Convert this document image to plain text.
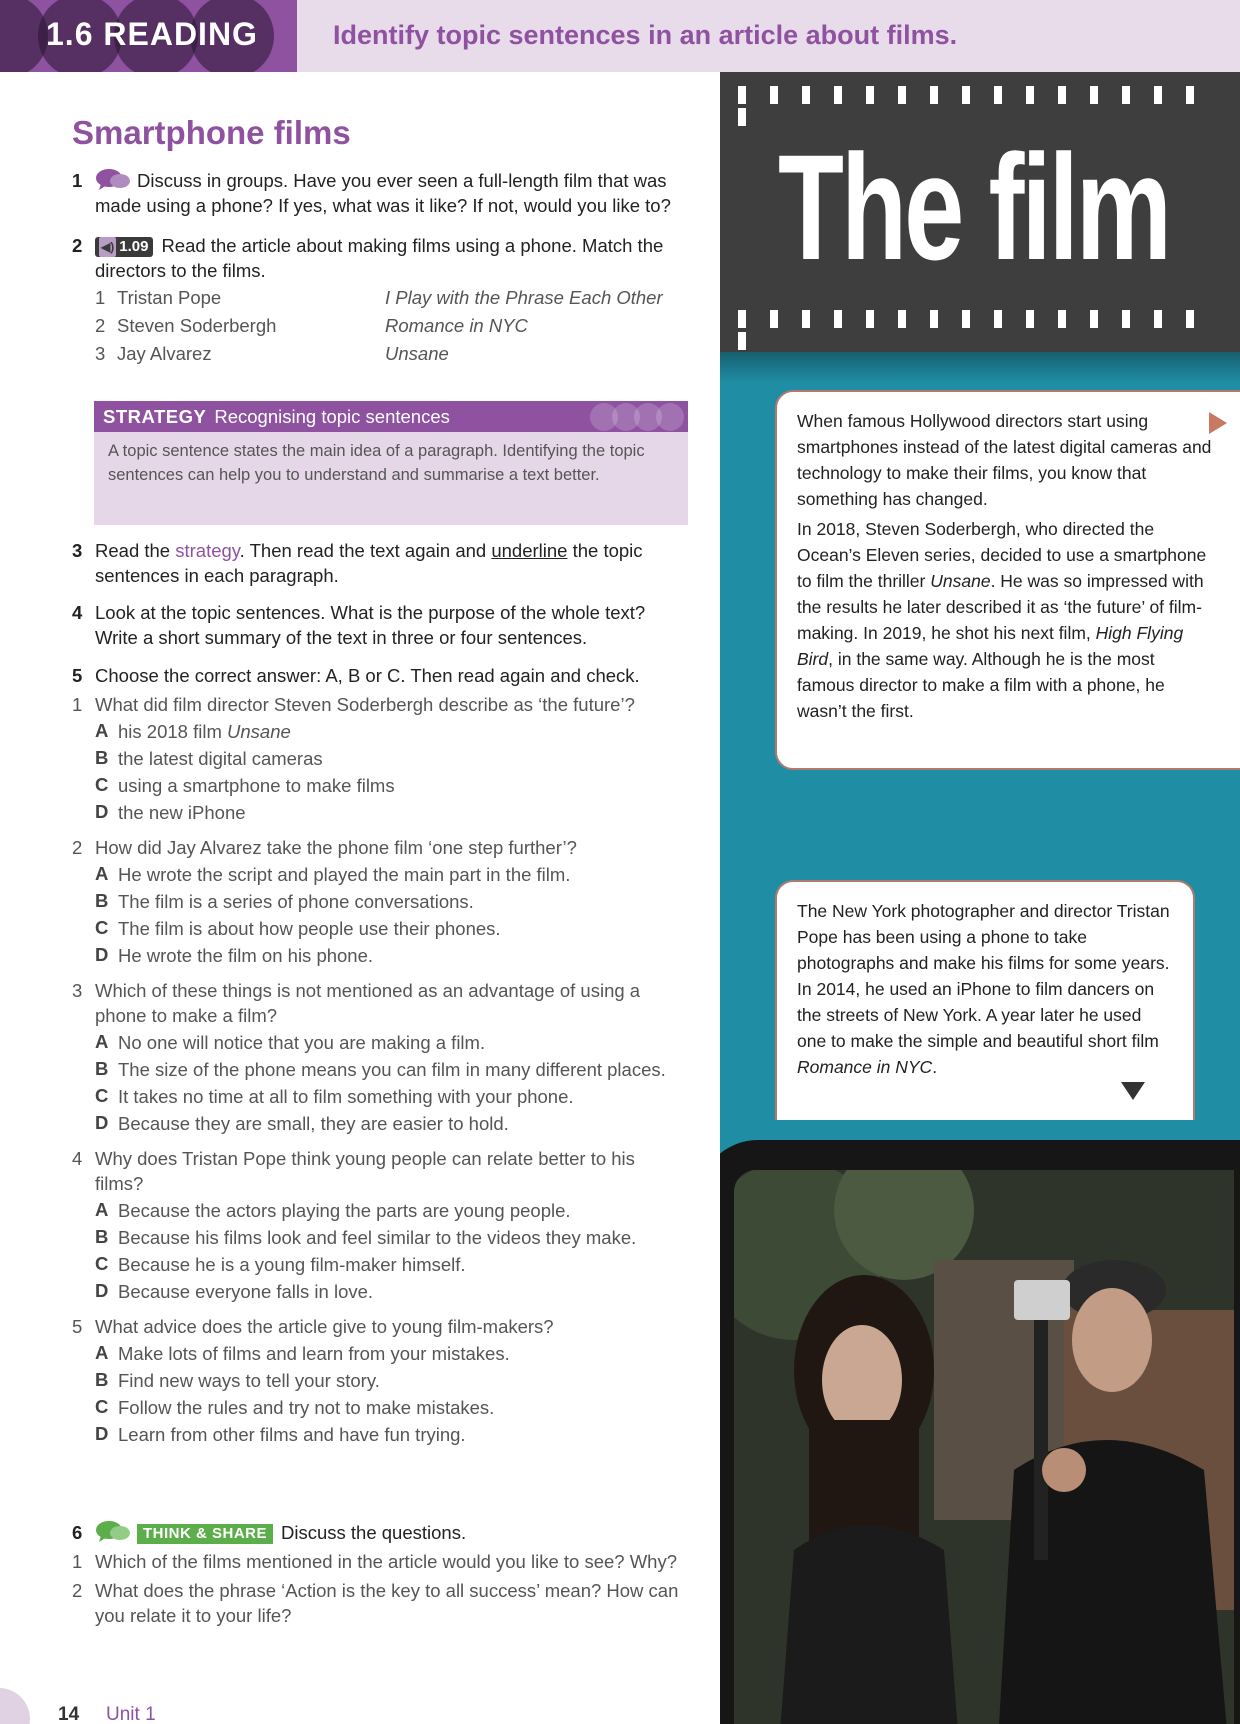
1.6 READING	Identify topic sentences in an article about films.
Smartphone films
1	Discuss in groups. Have you ever seen a full-length film that was made using a phone? If yes, what was it like? If not, would you like to?
2	◀) 1.09 Read the article about making films using a phone. Match the directors to the films.
1 Tristan Pope	I Play with the Phrase Each Other
2 Steven Soderbergh	Romance in NYC
3 Jay Alvarez	Unsane
STRATEGY Recognising topic sentences
A topic sentence states the main idea of a paragraph. Identifying the topic sentences can help you to understand and summarise a text better.
3 Read the strategy. Then read the text again and underline the topic sentences in each paragraph.
4 Look at the topic sentences. What is the purpose of the whole text? Write a short summary of the text in three or four sentences.
5 Choose the correct answer: A, B or C. Then read again and check.
1 What did film director Steven Soderbergh describe as ‘the future’?
A his 2018 film Unsane
B the latest digital cameras
C using a smartphone to make films
D the new iPhone
2 How did Jay Alvarez take the phone film ‘one step further’?
A He wrote the script and played the main part in the film.
B The film is a series of phone conversations.
C The film is about how people use their phones.
D He wrote the film on his phone.
3 Which of these things is not mentioned as an advantage of using a phone to make a film?
A No one will notice that you are making a film.
B The size of the phone means you can film in many different places.
C It takes no time at all to film something with your phone.
D Because they are small, they are easier to hold.
4 Why does Tristan Pope think young people can relate better to his films?
A Because the actors playing the parts are young people.
B Because his films look and feel similar to the videos they make.
C Because he is a young film-maker himself.
D Because everyone falls in love.
5 What advice does the article give to young film-makers?
A Make lots of films and learn from your mistakes.
B Find new ways to tell your story.
C Follow the rules and try not to make mistakes.
D Learn from other films and have fun trying.
6	THINK & SHARE Discuss the questions.
1 Which of the films mentioned in the article would you like to see? Why?
2 What does the phrase ‘Action is the key to all success’ mean? How can you relate it to your life?
14 Unit 1
The film

When famous Hollywood directors start using smartphones instead of the latest digital cameras and technology to make their films, you know that something has changed.

In 2018, Steven Soderbergh, who directed the Ocean’s Eleven series, decided to use a smartphone to film the thriller Unsane. He was so impressed with the results he later described it as ‘the future’ of film-making. In 2019, he shot his next film, High Flying Bird, in the same way. Although he is the most famous director to make a film with a phone, he wasn’t the first.

The New York photographer and director Tristan Pope has been using a phone to take photographs and make his films for some years. In 2014, he used an iPhone to film dancers on the streets of New York. A year later he used one to make the simple and beautiful short film Romance in NYC.
